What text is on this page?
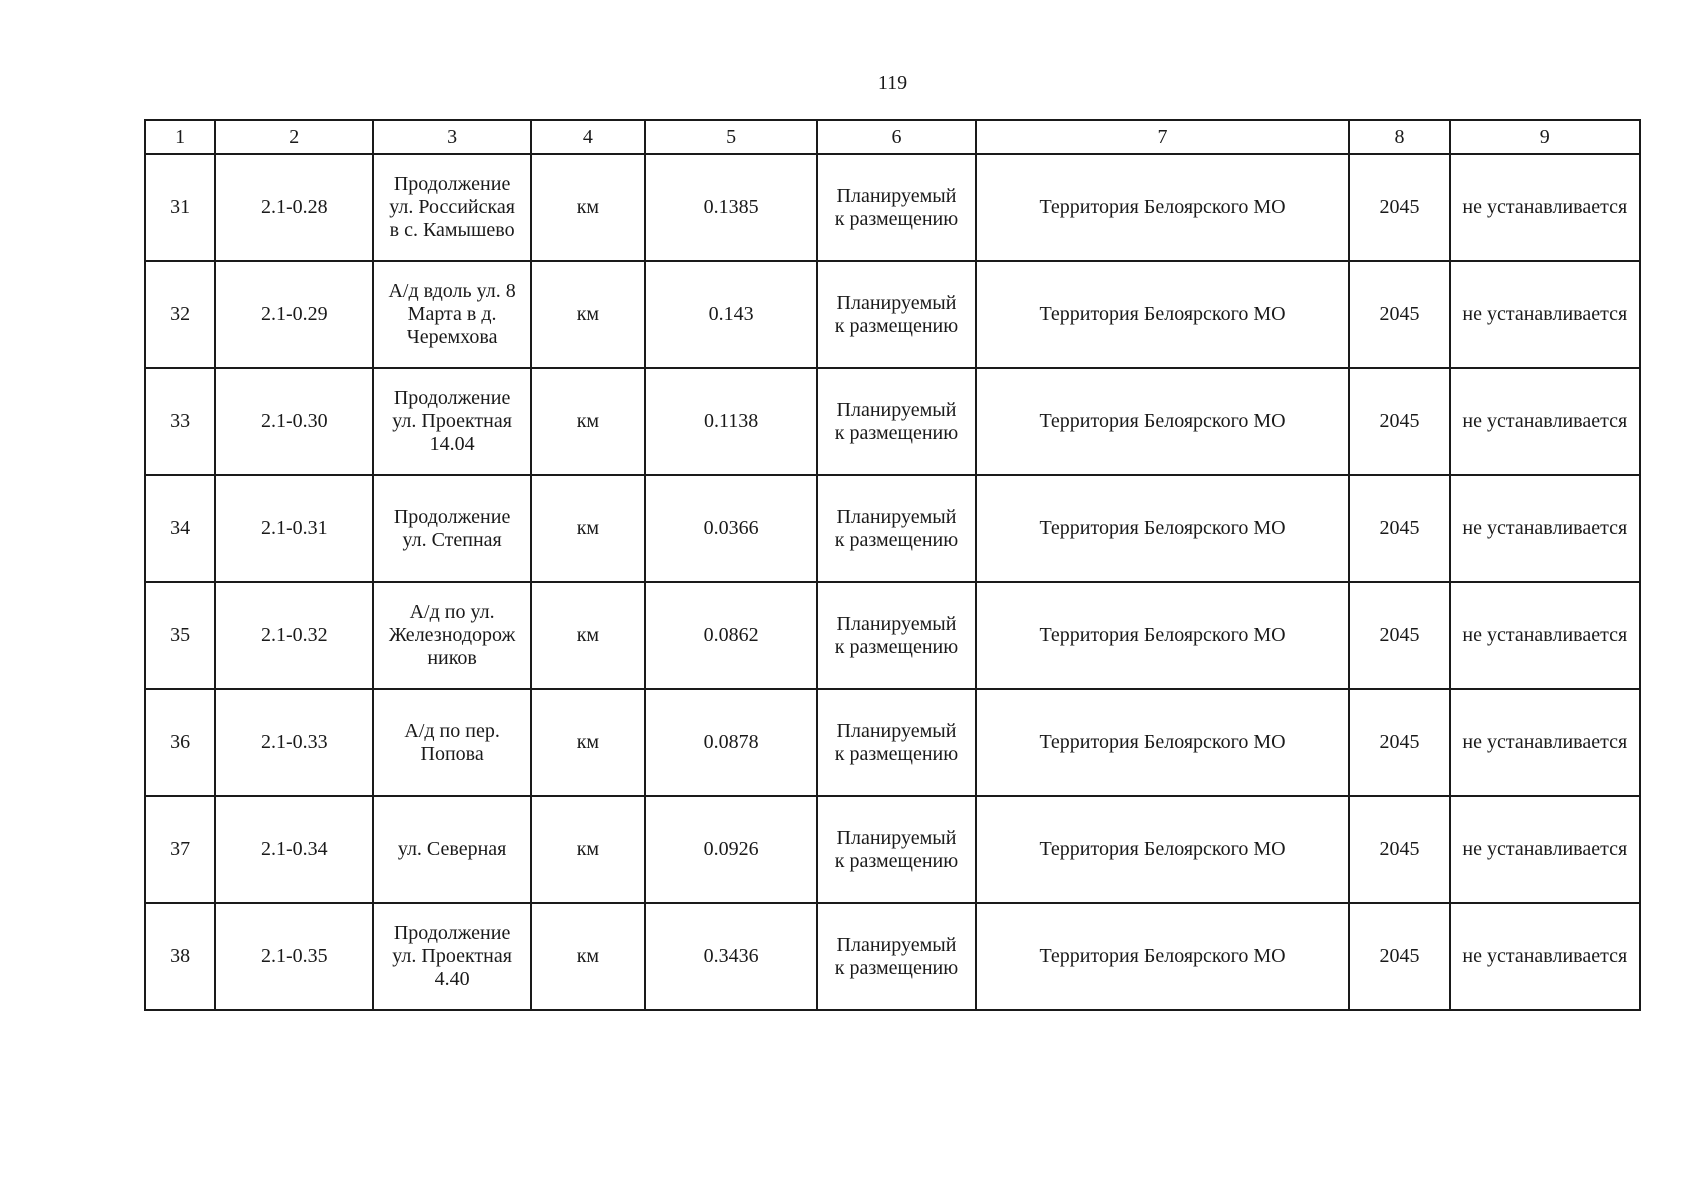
119
1	2	3	4	5	6	7	8	9
31	2.1-0.28	Продолжение
ул. Российская
в с. Камышево	км	0.1385	Планируемый
к размещению	Территория Белоярского МО	2045	не устанавливается
32	2.1-0.29	А/д вдоль ул. 8
Марта в д.
Черемхова	км	0.143	Планируемый
к размещению	Территория Белоярского МО	2045	не устанавливается
33	2.1-0.30	Продолжение
ул. Проектная
14.04	км	0.1138	Планируемый
к размещению	Территория Белоярского МО	2045	не устанавливается
34	2.1-0.31	Продолжение
ул. Степная	км	0.0366	Планируемый
к размещению	Территория Белоярского МО	2045	не устанавливается
35	2.1-0.32	А/д по ул.
Железнодорож
ников	км	0.0862	Планируемый
к размещению	Территория Белоярского МО	2045	не устанавливается
36	2.1-0.33	А/д по пер.
Попова	км	0.0878	Планируемый
к размещению	Территория Белоярского МО	2045	не устанавливается
37	2.1-0.34	ул. Северная	км	0.0926	Планируемый
к размещению	Территория Белоярского МО	2045	не устанавливается
38	2.1-0.35	Продолжение
ул. Проектная
4.40	км	0.3436	Планируемый
к размещению	Территория Белоярского МО	2045	не устанавливается
